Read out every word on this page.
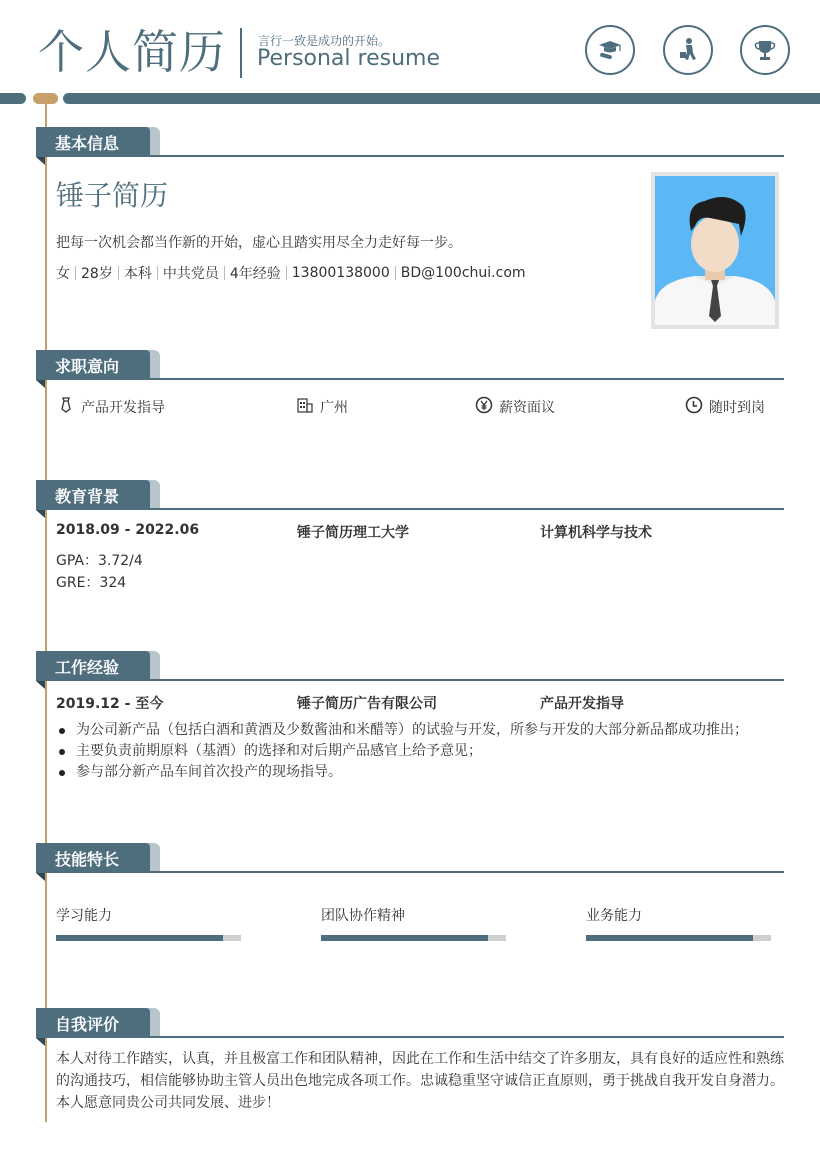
个人简历	言行一致是成功的开始。
Personal resume
基本信息
锤子简历
把每一次机会都当作新的开始，虚心且踏实用尽全力走好每一步。
女 28岁 本科 中共党员 4年经验 13800138000 BD@100chui.com
求职意向
产品开发指导	广州	薪资面议	随时到岗
教育背景
2018.09 - 2022.06	锤子简历理工大学	计算机科学与技术
GPA：3.72/4
GRE：324
工作经验
2019.12 - 至今	锤子简历广告有限公司	产品开发指导
为公司新产品（包括白酒和黄酒及少数酱油和米醋等）的试验与开发，所参与开发的大部分新品都成功推出；
主要负责前期原料（基酒）的选择和对后期产品感官上给予意见；
参与部分新产品车间首次投产的现场指导。
技能特长
学习能力	团队协作精神	业务能力
自我评价
本人对待工作踏实，认真，并且极富工作和团队精神，因此在工作和生活中结交了许多朋友，具有良好的适应性和熟练的沟通技巧，相信能够协助主管人员出色地完成各项工作。忠诚稳重坚守诚信正直原则，勇于挑战自我开发自身潜力。本人愿意同贵公司共同发展、进步！
